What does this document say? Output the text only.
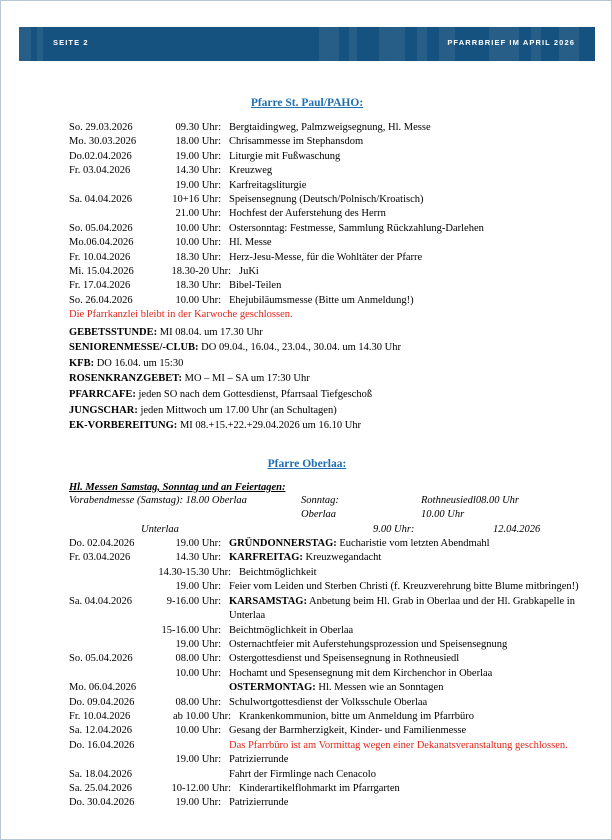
SEITE 2	PFARRBRIEF IM APRIL 2026
Pfarre St. Paul/PAHO:
So. 29.03.2026	09.30 Uhr: Bergtaidingweg, Palmzweigsegnung, Hl. Messe
Mo. 30.03.2026	18.00 Uhr: Chrisammesse im Stephansdom
Do.02.04.2026	19.00 Uhr: Liturgie mit Fußwaschung
Fr. 03.04.2026	14.30 Uhr: Kreuzweg
19.00 Uhr: Karfreitagsliturgie
Sa. 04.04.2026	10+16 Uhr: Speisensegnung (Deutsch/Polnisch/Kroatisch)
21.00 Uhr: Hochfest der Auferstehung des Herrn
So. 05.04.2026	10.00 Uhr: Ostersonntag: Festmesse, Sammlung Rückzahlung-Darlehen
Mo.06.04.2026	10.00 Uhr: Hl. Messe
Fr. 10.04.2026	18.30 Uhr: Herz-Jesu-Messe, für die Wohltäter der Pfarre
Mi. 15.04.2026	18.30-20 Uhr: JuKi
Fr. 17.04.2026	18.30 Uhr: Bibel-Teilen
So. 26.04.2026	10.00 Uhr: Ehejubiläumsmesse (Bitte um Anmeldung!)
Die Pfarrkanzlei bleibt in der Karwoche geschlossen.
GEBETSSTUNDE: MI 08.04. um 17.30 Uhr
SENIORENMESSE/-CLUB: DO 09.04., 16.04., 23.04., 30.04. um 14.30 Uhr
KFB: DO 16.04. um 15:30
ROSENKRANZGEBET: MO – MI – SA um 17:30 Uhr
PFARRCAFE: jeden SO nach dem Gottesdienst, Pfarrsaal Tiefgeschoß
JUNGSCHAR: jeden Mittwoch um 17.00 Uhr (an Schultagen)
EK-VORBEREITUNG: MI 08.+15.+22.+29.04.2026 um 16.10 Uhr
Pfarre Oberlaa:
Hl. Messen Samstag, Sonntag und an Feiertagen:
Vorabendmesse (Samstag): 18.00 Oberlaa	Sonntag:	Rothneusiedl08.00 Uhr
Oberlaa	10.00 Uhr
Unterlaa	9.00 Uhr:	12.04.2026
Do. 02.04.2026	19.00 Uhr: GRÜNDONNERSTAG: Eucharistie vom letzten Abendmahl
Fr. 03.04.2026	14.30 Uhr: KARFREITAG: Kreuzwegandacht
14.30-15.30 Uhr: Beichtmöglichkeit
19.00 Uhr: Feier vom Leiden und Sterben Christi (f. Kreuzverehrung bitte Blume mitbringen!)
Sa. 04.04.2026	9-16.00 Uhr: KARSAMSTAG: Anbetung beim Hl. Grab in Oberlaa und der Hl. Grabkapelle in Unterlaa
15-16.00 Uhr: Beichtmöglichkeit in Oberlaa
19.00 Uhr: Osternachtfeier mit Auferstehungsprozession und Speisensegnung
So. 05.04.2026	08.00 Uhr: Ostergottesdienst und Speisensegnung in Rothneusiedl
10.00 Uhr: Hochamt und Spesensegnung mit dem Kirchenchor in Oberlaa
Mo. 06.04.2026	OSTERMONTAG: Hl. Messen wie an Sonntagen
Do. 09.04.2026	08.00 Uhr: Schulwortgottesdienst der Volksschule Oberlaa
Fr. 10.04.2026	ab 10.00 Uhr: Krankenkommunion, bitte um Anmeldung im Pfarrbüro
Sa. 12.04.2026	10.00 Uhr: Gesang der Barmherzigkeit, Kinder- und Familienmesse
Do. 16.04.2026	Das Pfarrbüro ist am Vormittag wegen einer Dekanatsveranstaltung geschlossen.
19.00 Uhr: Patrizierrunde
Sa. 18.04.2026	Fahrt der Firmlinge nach Cenacolo
Sa. 25.04.2026	10-12.00 Uhr: Kinderartikelflohmarkt im Pfarrgarten
Do. 30.04.2026	19.00 Uhr: Patrizierrunde
